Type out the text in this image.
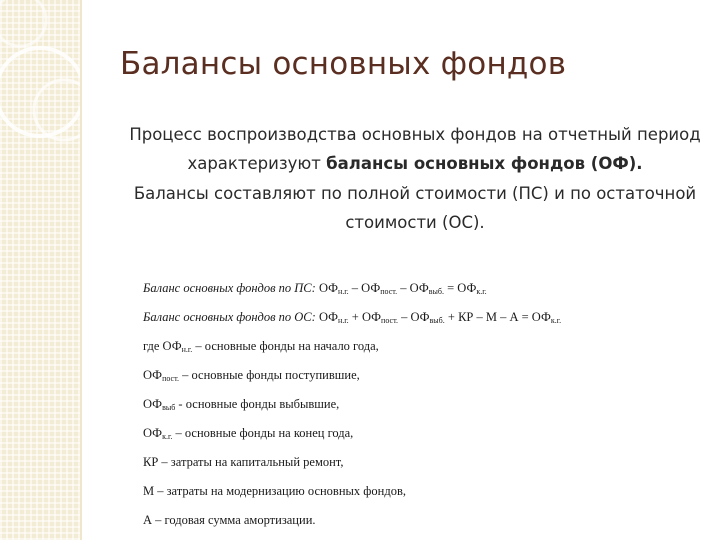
Балансы основных фондов

Процесс воспроизводства основных фондов на отчетный период характеризуют балансы основных фондов (ОФ).

Балансы составляют по полной стоимости (ПС) и по остаточной стоимости (ОС).

Баланс основных фондов по ПС: $ОФ_{н.г.} - ОФ_{пост.} - ОФ_{выб.} = ОФ_{к.г.}$
Баланс основных фондов по ОС: $ОФ_{н.г.} + ОФ_{пост.} - ОФ_{выб.}$ + КР – $М - А = ОФ_{к.г.}$
где $ОФ_{н.г.}$ – основные фонды на начало года,
$ОФ_{пост.}$ – основные фонды поступившие,
$ОФ_{выб}$ - основные фонды выбывшие,
$ОФ_{к.г.}$ – основные фонды на конец года,
КР – затраты на капитальный ремонт,
М – затраты на модернизацию основных фондов,
А – годовая сумма амортизации.
